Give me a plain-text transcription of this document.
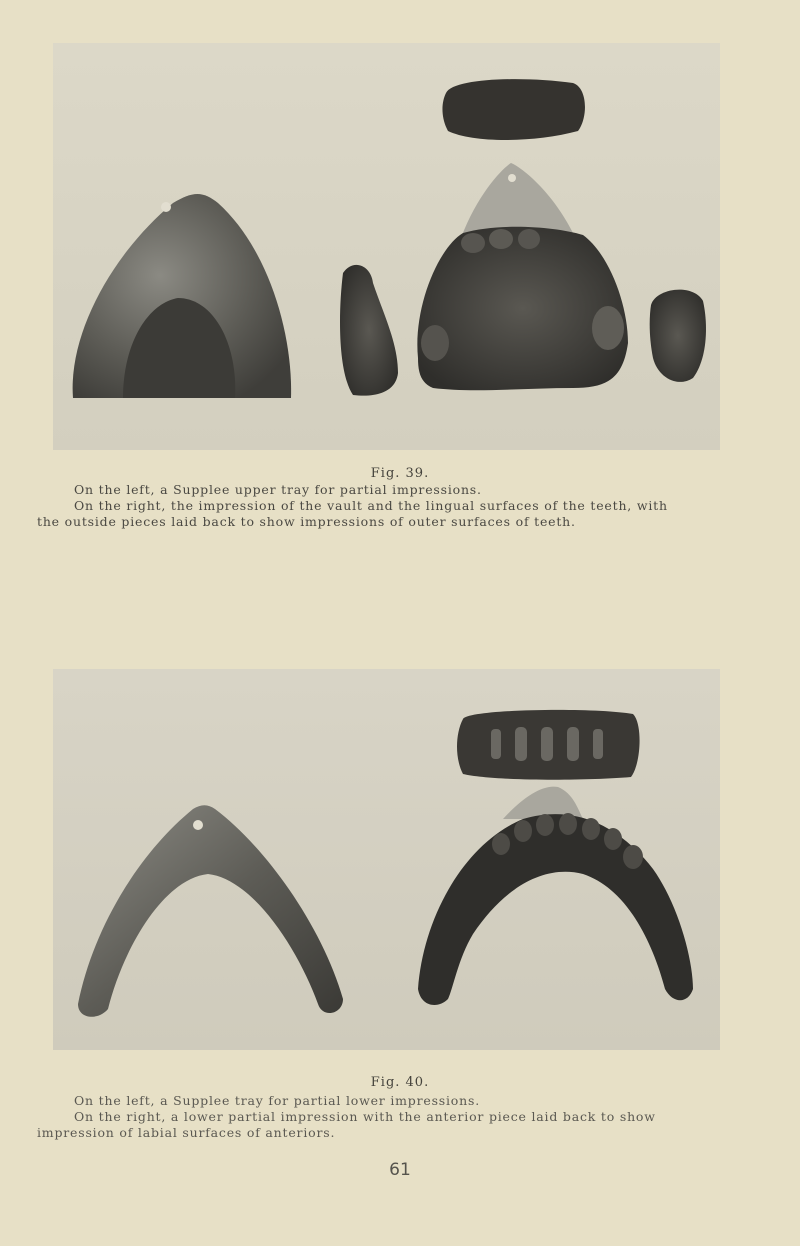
Fig. 39.

On the left, a Supplee upper tray for partial impressions.

On the right, the impression of the vault and the lingual surfaces of the teeth, with

the outside pieces laid back to show impressions of outer surfaces of teeth.

Fig. 40.

On the left, a Supplee tray for partial lower impressions.

On the right, a lower partial impression with the anterior piece laid back to show

impression of labial surfaces of anteriors.

61
